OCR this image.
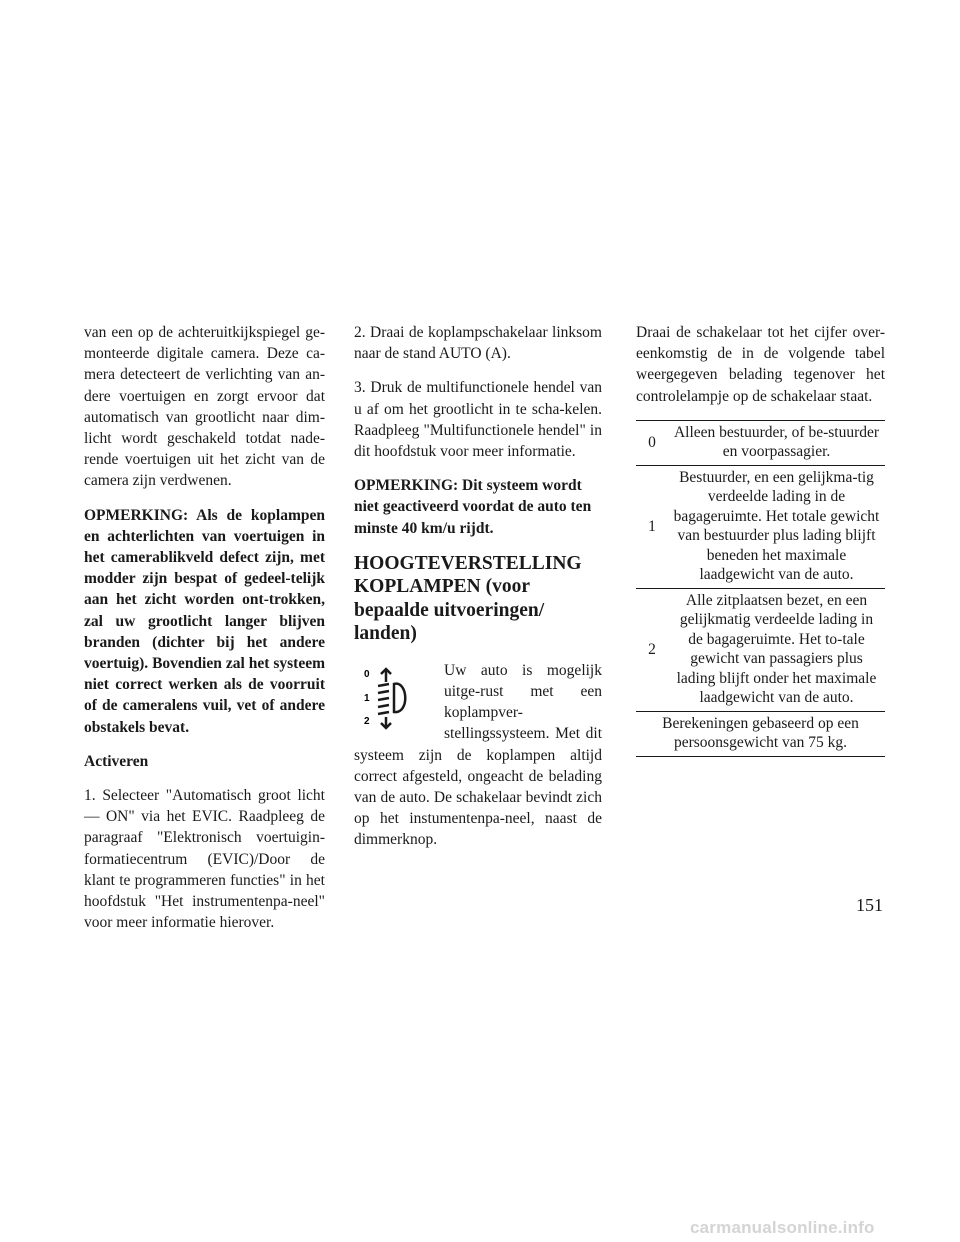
van een op de achteruitkijkspiegel ge-monteerde digitale camera. Deze ca-mera detecteert de verlichting van an-dere voertuigen en zorgt ervoor dat automatisch van grootlicht naar dim-licht wordt geschakeld totdat nade-rende voertuigen uit het zicht van de camera zijn verdwenen.

OPMERKING: Als de koplampen en achterlichten van voertuigen in het camerablikveld defect zijn, met modder zijn bespat of gedeel-telijk aan het zicht worden ont-trokken, zal uw grootlicht langer blijven branden (dichter bij het andere voertuig). Bovendien zal het systeem niet correct werken als de voorruit of de cameralens vuil, vet of andere obstakels bevat.

Activeren

1. Selecteer "Automatisch groot licht — ON" via het EVIC. Raadpleeg de paragraaf "Elektronisch voertuigin-formatiecentrum (EVIC)/Door de klant te programmeren functies" in het hoofdstuk "Het instrumentenpa-neel" voor meer informatie hierover.

2. Draai de koplampschakelaar linksom naar de stand AUTO (A).

3. Druk de multifunctionele hendel van u af om het grootlicht in te scha-kelen. Raadpleeg "Multifunctionele hendel" in dit hoofdstuk voor meer informatie.

OPMERKING: Dit systeem wordt niet geactiveerd voordat de auto ten minste 40 km/u rijdt.

HOOGTEVERSTELLING KOPLAMPEN (voor bepaalde uitvoeringen/ landen)
0
1
2

Uw auto is mogelijk uitge-rust met een koplampver-stellingssysteem. Met dit systeem zijn de koplampen altijd correct afgesteld, ongeacht de belading van de auto. De schakelaar bevindt zich op het instumentenpa-neel, naast de dimmerknop.

Draai de schakelaar tot het cijfer over-eenkomstig de in de volgende tabel weergegeven belading tegenover het controlelampje op de schakelaar staat.

0	Alleen bestuurder, of be-stuurder en voorpassagier.
1	Bestuurder, en een gelijkma-tig verdeelde lading in de bagageruimte. Het totale gewicht van bestuurder plus lading blijft beneden het maximale laadgewicht van de auto.
2	Alle zitplaatsen bezet, en een gelijkmatig verdeelde lading in de bagageruimte. Het to-tale gewicht van passagiers plus lading blijft onder het maximale laadgewicht van de auto.
Berekeningen gebaseerd op een persoonsgewicht van 75 kg.	
151
carmanualsonline.info
